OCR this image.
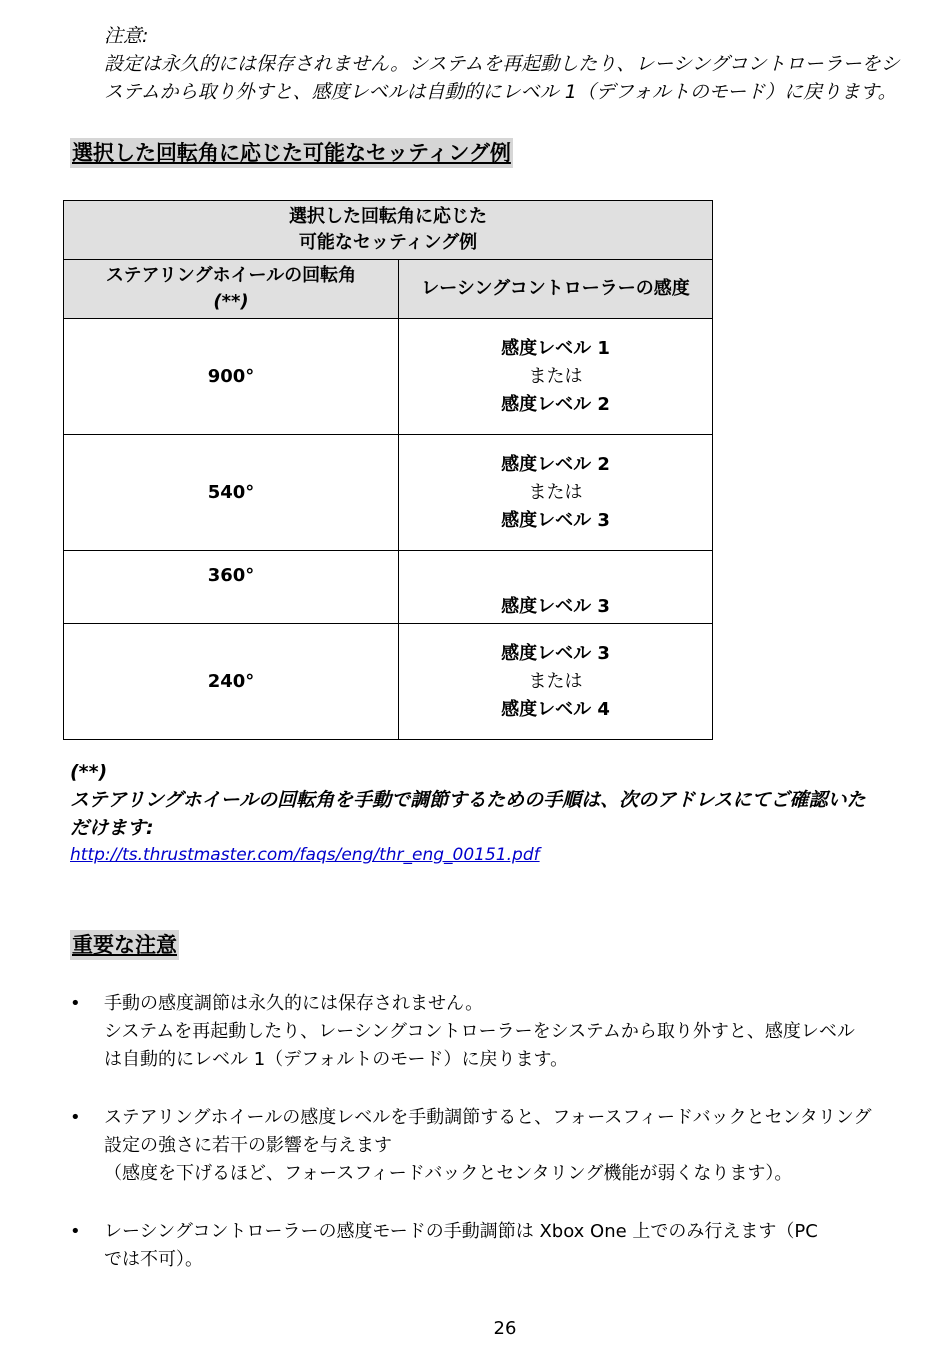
注意:
設定は永久的には保存されません。システムを再起動したり、レーシングコントローラーをシ
ステムから取り外すと、感度レベルは自動的にレベル 1（デフォルトのモード）に戻ります。
選択した回転角に応じた可能なセッティング例
選択した回転角に応じた
可能なセッティング例	

ステアリングホイールの回転角
(**)	レーシングコントローラーの感度
900°	感度レベル 1
または
感度レベル 2

540°	感度レベル 2
または
感度レベル 3

360°	感度レベル 3

240°	感度レベル 3
または
感度レベル 4
(**)
ステアリングホイールの回転角を手動で調節するための手順は、次のアドレスにてご確認いた
だけます:
http://ts.thrustmaster.com/faqs/eng/thr_eng_00151.pdf
重要な注意
• 手動の感度調節は永久的には保存されません。
システムを再起動したり、レーシングコントローラーをシステムから取り外すと、感度レベル
は自動的にレベル 1（デフォルトのモード）に戻ります。
• ステアリングホイールの感度レベルを手動調節すると、フォースフィードバックとセンタリング
設定の強さに若干の影響を与えます
（感度を下げるほど、フォースフィードバックとセンタリング機能が弱くなります）。
• レーシングコントローラーの感度モードの手動調節は Xbox One 上でのみ行えます（PC
では不可）。
26
